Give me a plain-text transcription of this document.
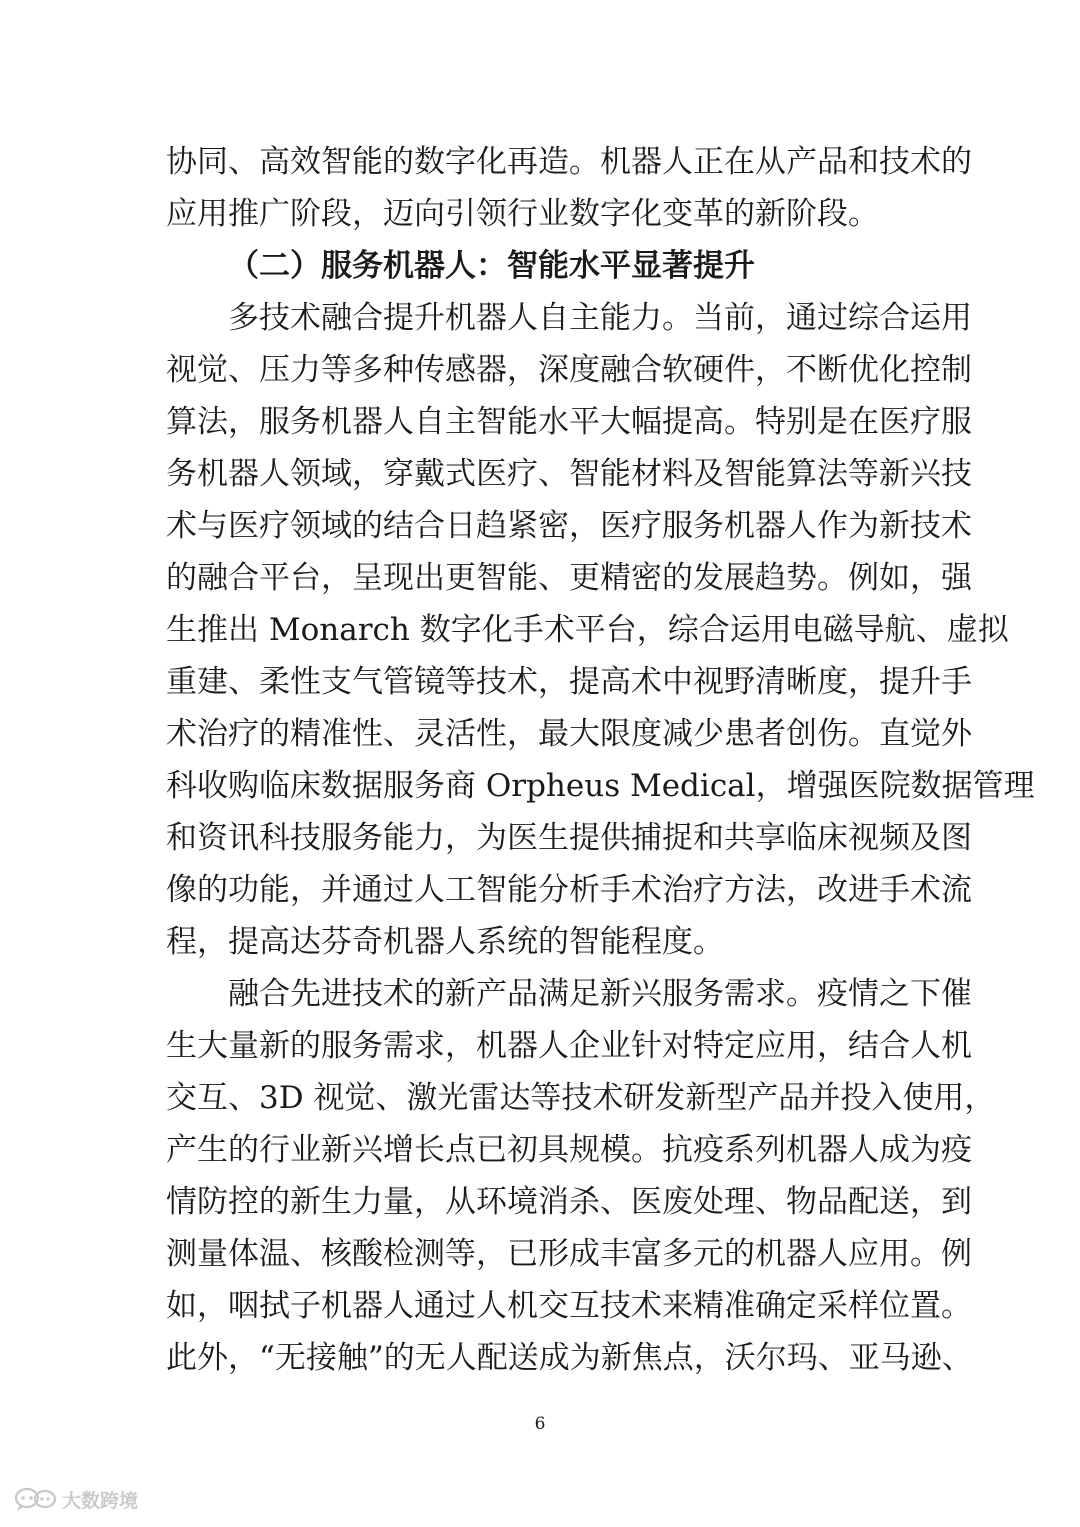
协同、高效智能的数字化再造。机器人正在从产品和技术的
应用推广阶段，迈向引领行业数字化变革的新阶段。
（二）服务机器人：智能水平显著提升
多技术融合提升机器人自主能力。当前，通过综合运用
视觉、压力等多种传感器，深度融合软硬件，不断优化控制
算法，服务机器人自主智能水平大幅提高。特别是在医疗服
务机器人领域，穿戴式医疗、智能材料及智能算法等新兴技
术与医疗领域的结合日趋紧密，医疗服务机器人作为新技术
的融合平台，呈现出更智能、更精密的发展趋势。例如，强
生推出 Monarch 数字化手术平台，综合运用电磁导航、虚拟
重建、柔性支气管镜等技术，提高术中视野清晰度，提升手
术治疗的精准性、灵活性，最大限度减少患者创伤。直觉外
科收购临床数据服务商 Orpheus Medical，增强医院数据管理
和资讯科技服务能力，为医生提供捕捉和共享临床视频及图
像的功能，并通过人工智能分析手术治疗方法，改进手术流
程，提高达芬奇机器人系统的智能程度。
融合先进技术的新产品满足新兴服务需求。疫情之下催
生大量新的服务需求，机器人企业针对特定应用，结合人机
交互、3D 视觉、激光雷达等技术研发新型产品并投入使用，
产生的行业新兴增长点已初具规模。抗疫系列机器人成为疫
情防控的新生力量，从环境消杀、医废处理、物品配送，到
测量体温、核酸检测等，已形成丰富多元的机器人应用。例
如，咽拭子机器人通过人机交互技术来精准确定采样位置。
此外，“无接触”的无人配送成为新焦点，沃尔玛、亚马逊、
6
大数跨境
